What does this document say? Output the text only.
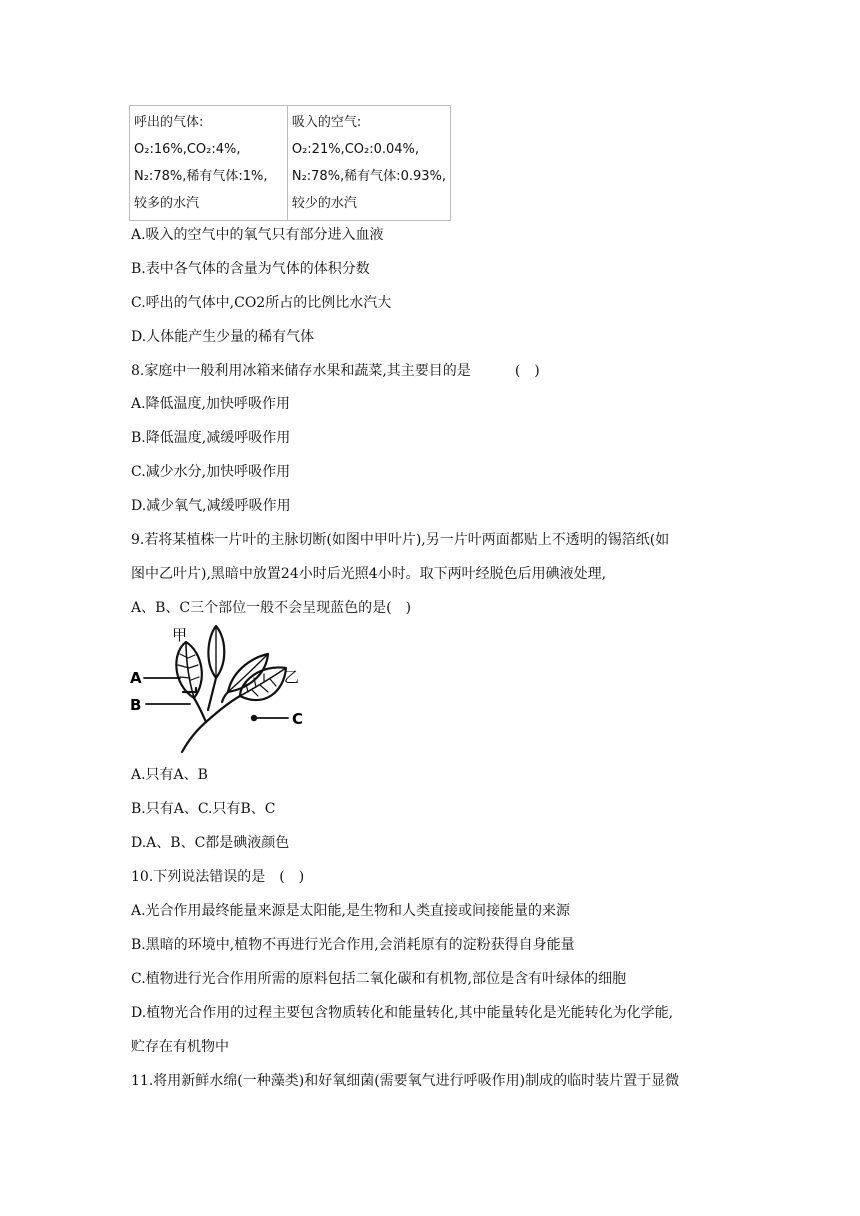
呼出的气体:
O₂:16%,CO₂:4%,
N₂:78%,稀有气体:1%,
较多的水汽

吸入的空气:
O₂:21%,CO₂:0.04%,
N₂:78%,稀有气体:0.93%,
较少的水汽
A.吸入的空气中的氧气只有部分进入血液
B.表中各气体的含量为气体的体积分数
C.呼出的气体中,CO2所占的比例比水汽大
D.人体能产生少量的稀有气体
8.家庭中一般利用冰箱来储存水果和蔬菜,其主要目的是	(　)
A.降低温度,加快呼吸作用
B.降低温度,减缓呼吸作用
C.减少水分,加快呼吸作用
D.减少氧气,减缓呼吸作用
9.若将某植株一片叶的主脉切断(如图中甲叶片),另一片叶两面都贴上不透明的锡箔纸(如
图中乙叶片),黑暗中放置24小时后光照4小时。取下两叶经脱色后用碘液处理,
A、B、C三个部位一般不会呈现蓝色的是(　)
甲
乙
A
B
C
A.只有A、B
B.只有A、C.只有B、C
D.A、B、C都是碘液颜色
10.下列说法错误的是　(　)
A.光合作用最终能量来源是太阳能,是生物和人类直接或间接能量的来源
B.黑暗的环境中,植物不再进行光合作用,会消耗原有的淀粉获得自身能量
C.植物进行光合作用所需的原料包括二氧化碳和有机物,部位是含有叶绿体的细胞
D.植物光合作用的过程主要包含物质转化和能量转化,其中能量转化是光能转化为化学能,
贮存在有机物中
11.将用新鲜水绵(一种藻类)和好氧细菌(需要氧气进行呼吸作用)制成的临时装片置于显微
